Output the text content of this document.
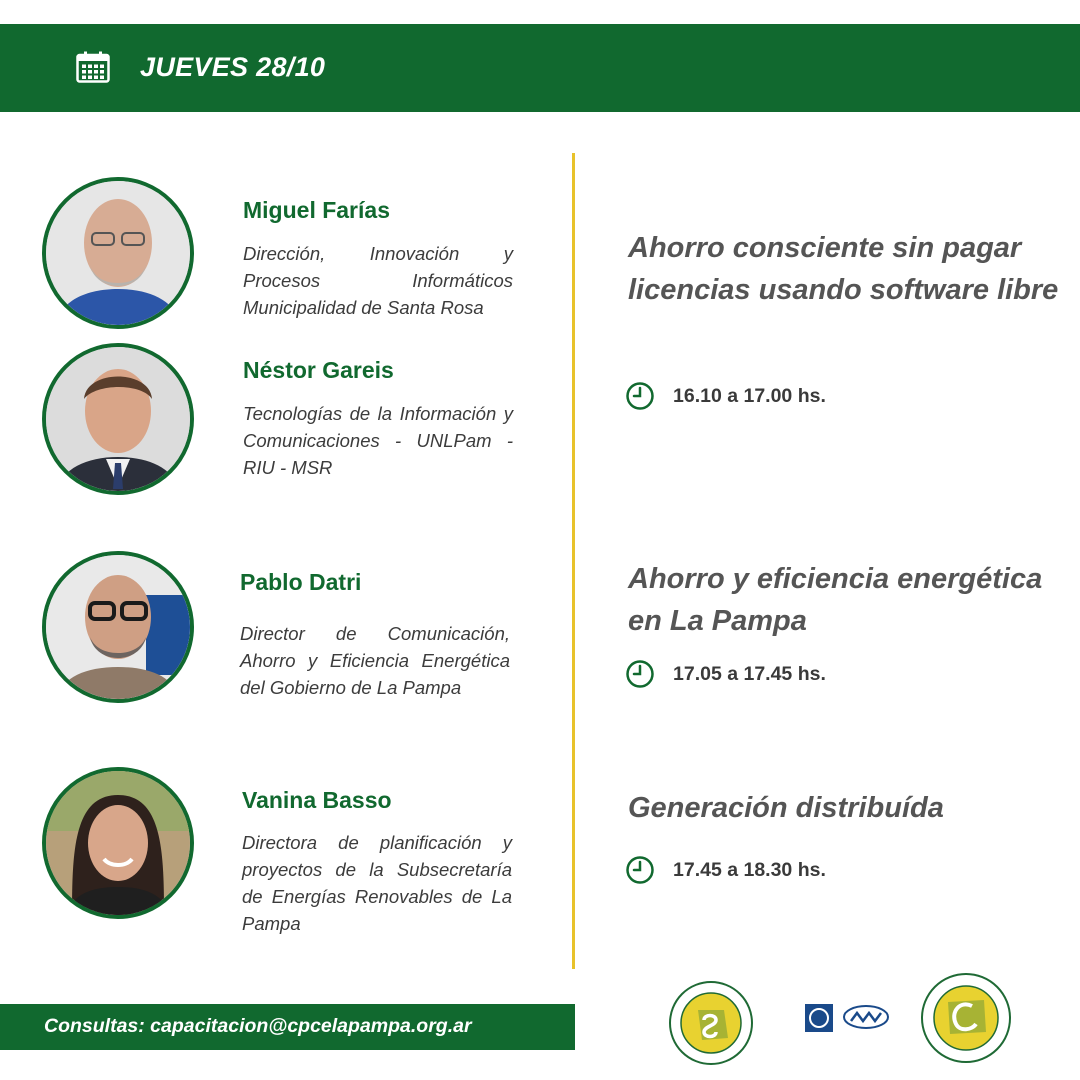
JUEVES 28/10
Miguel Farías
Dirección, Innovación y Procesos Informáticos Municipalidad de Santa Rosa
Néstor Gareis
Tecnologías de la Información y Comunicaciones - UNLPam - RIU - MSR
Pablo Datri
Director de Comunicación, Ahorro y Eficiencia Energética del Gobierno de La Pampa
Vanina Basso
Directora de planificación y proyectos de la Subsecretaría de Energías Renovables de La Pampa
Ahorro consciente sin pagar licencias usando software libre
16.10 a 17.00 hs.
Ahorro y eficiencia energética en La Pampa
17.05 a 17.45 hs.
Generación distribuída
17.45 a 18.30 hs.
Consultas: capacitacion@cpcelapampa.org.ar
